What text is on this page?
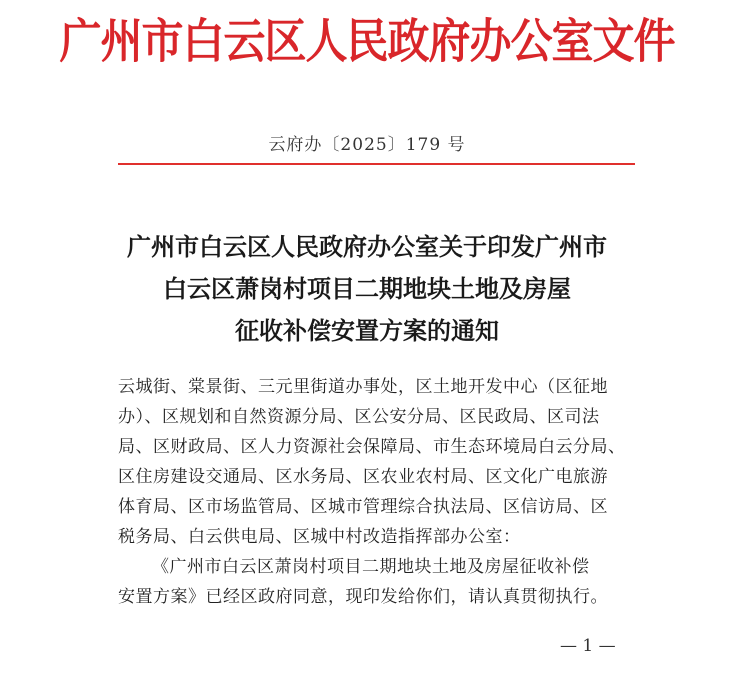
广州市白云区人民政府办公室文件
云府办〔2025〕179 号
广州市白云区人民政府办公室关于印发广州市
白云区萧岗村项目二期地块土地及房屋
征收补偿安置方案的通知
云城街、棠景街、三元里街道办事处，区土地开发中心（区征地
办）、区规划和自然资源分局、区公安分局、区民政局、区司法
局、区财政局、区人力资源社会保障局、市生态环境局白云分局、
区住房建设交通局、区水务局、区农业农村局、区文化广电旅游
体育局、区市场监管局、区城市管理综合执法局、区信访局、区
税务局、白云供电局、区城中村改造指挥部办公室：
《广州市白云区萧岗村项目二期地块土地及房屋征收补偿
安置方案》已经区政府同意，现印发给你们，请认真贯彻执行。
— 1 —
